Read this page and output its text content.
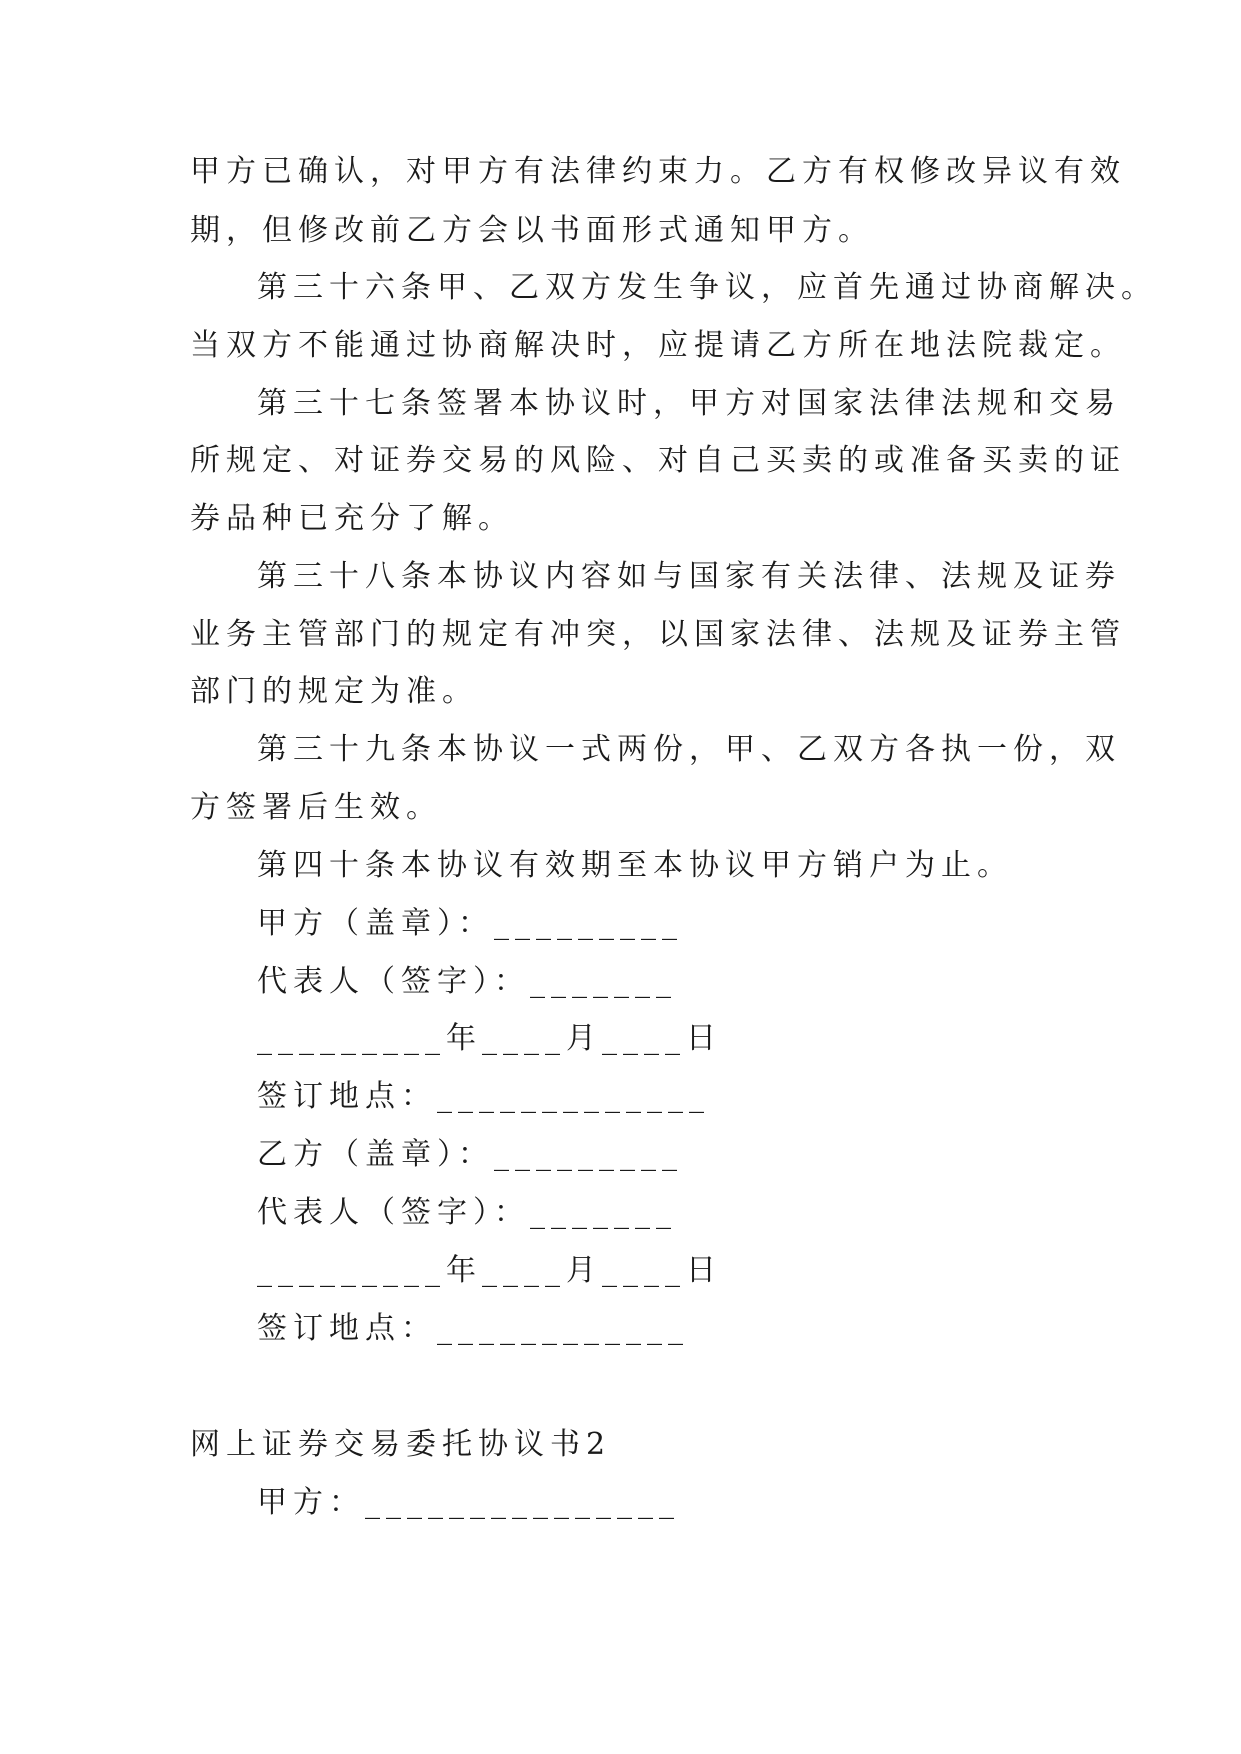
甲方已确认，对甲方有法律约束力。乙方有权修改异议有效
期，但修改前乙方会以书面形式通知甲方。
第三十六条甲、乙双方发生争议，应首先通过协商解决。
当双方不能通过协商解决时，应提请乙方所在地法院裁定。
第三十七条签署本协议时，甲方对国家法律法规和交易
所规定、对证券交易的风险、对自己买卖的或准备买卖的证
券品种已充分了解。
第三十八条本协议内容如与国家有关法律、法规及证券
业务主管部门的规定有冲突，以国家法律、法规及证券主管
部门的规定为准。
第三十九条本协议一式两份，甲、乙双方各执一份，双
方签署后生效。
第四十条本协议有效期至本协议甲方销户为止。
甲方（盖章）：_________
代表人（签字）：_______
_________年____月____日
签订地点：_____________
乙方（盖章）：_________
代表人（签字）：_______
_________年____月____日
签订地点：____________
网上证券交易委托协议书2
甲方：_______________
